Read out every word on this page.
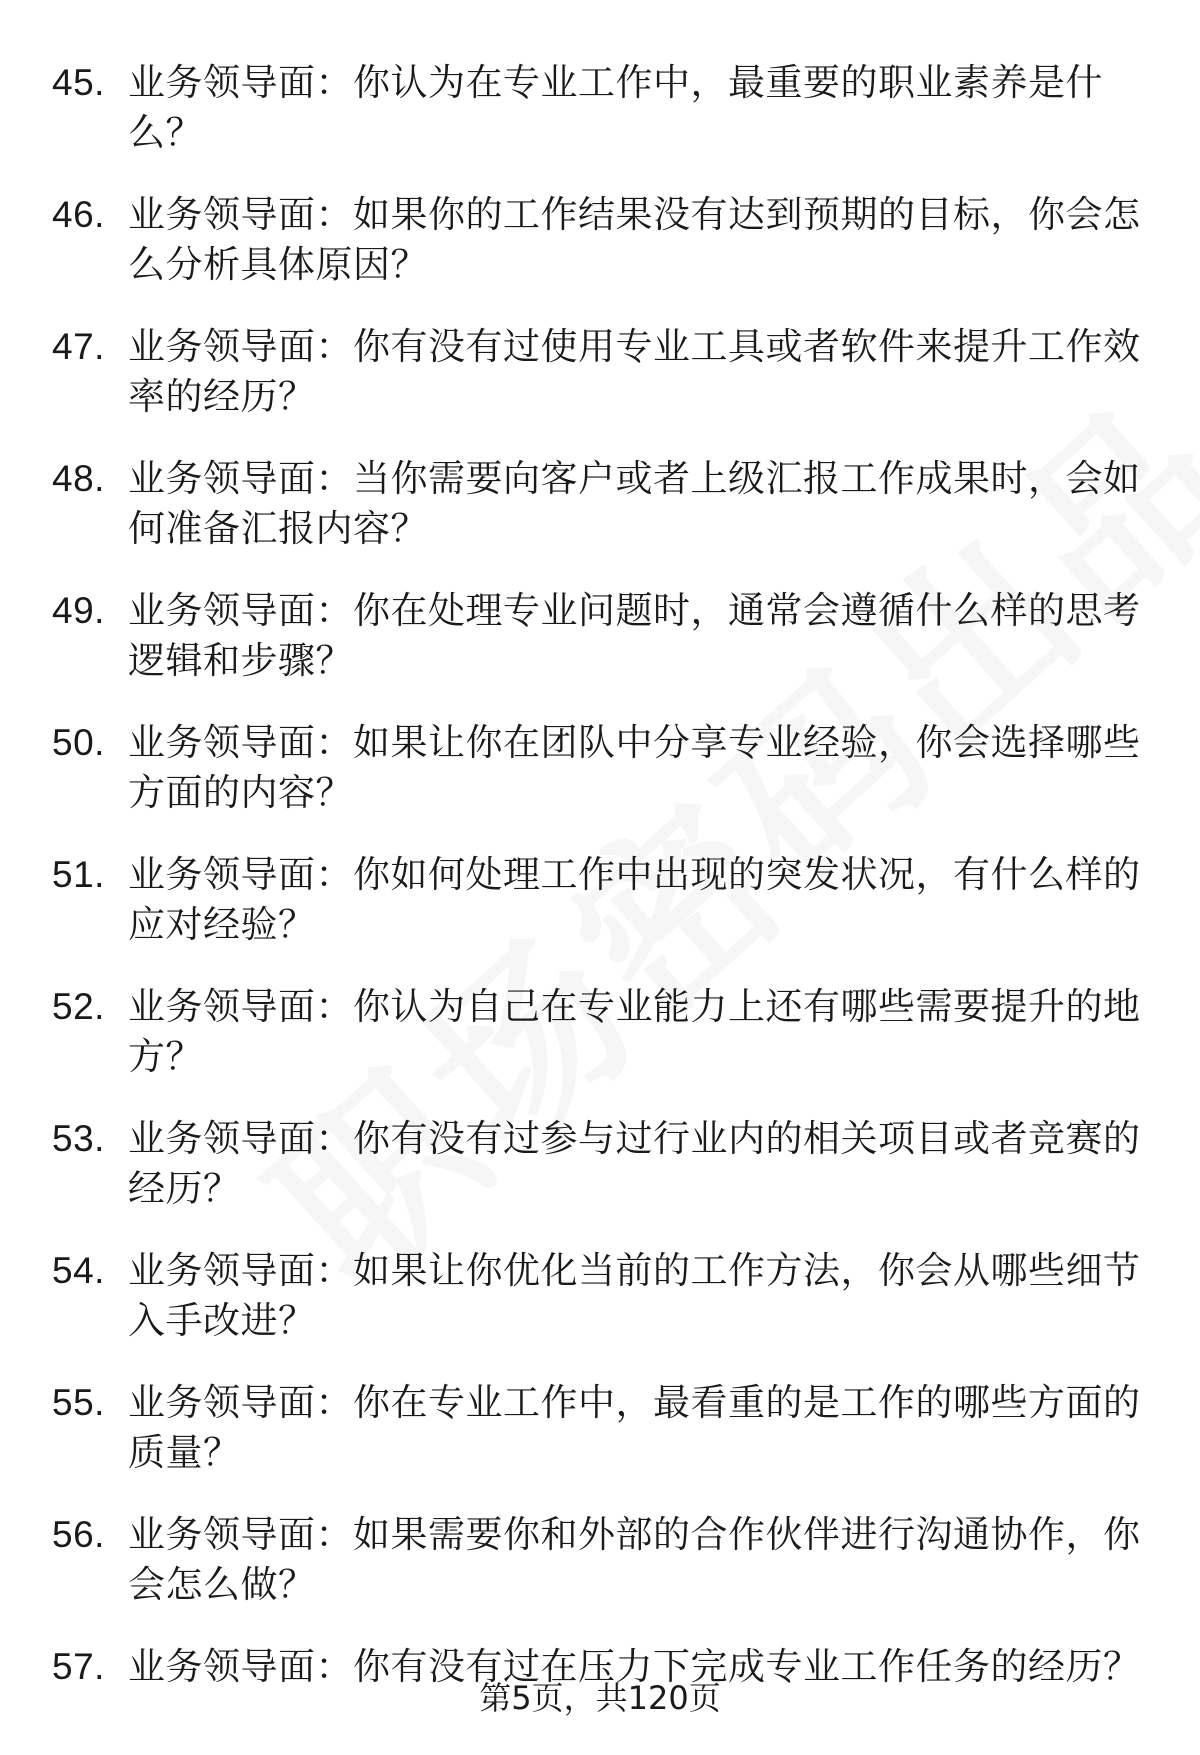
45. 业务领导面：你认为在专业工作中，最重要的职业素养是什么？
46. 业务领导面：如果你的工作结果没有达到预期的目标，你会怎么分析具体原因？
47. 业务领导面：你有没有过使用专业工具或者软件来提升工作效率的经历？
48. 业务领导面：当你需要向客户或者上级汇报工作成果时，会如何准备汇报内容？
49. 业务领导面：你在处理专业问题时，通常会遵循什么样的思考逻辑和步骤？
50. 业务领导面：如果让你在团队中分享专业经验，你会选择哪些方面的内容？
51. 业务领导面：你如何处理工作中出现的突发状况，有什么样的应对经验？
52. 业务领导面：你认为自己在专业能力上还有哪些需要提升的地方？
53. 业务领导面：你有没有过参与过行业内的相关项目或者竞赛的经历？
54. 业务领导面：如果让你优化当前的工作方法，你会从哪些细节入手改进？
55. 业务领导面：你在专业工作中，最看重的是工作的哪些方面的质量？
56. 业务领导面：如果需要你和外部的合作伙伴进行沟通协作，你会怎么做？
57. 业务领导面：你有没有过在压力下完成专业工作任务的经历？
第5页，共120页
